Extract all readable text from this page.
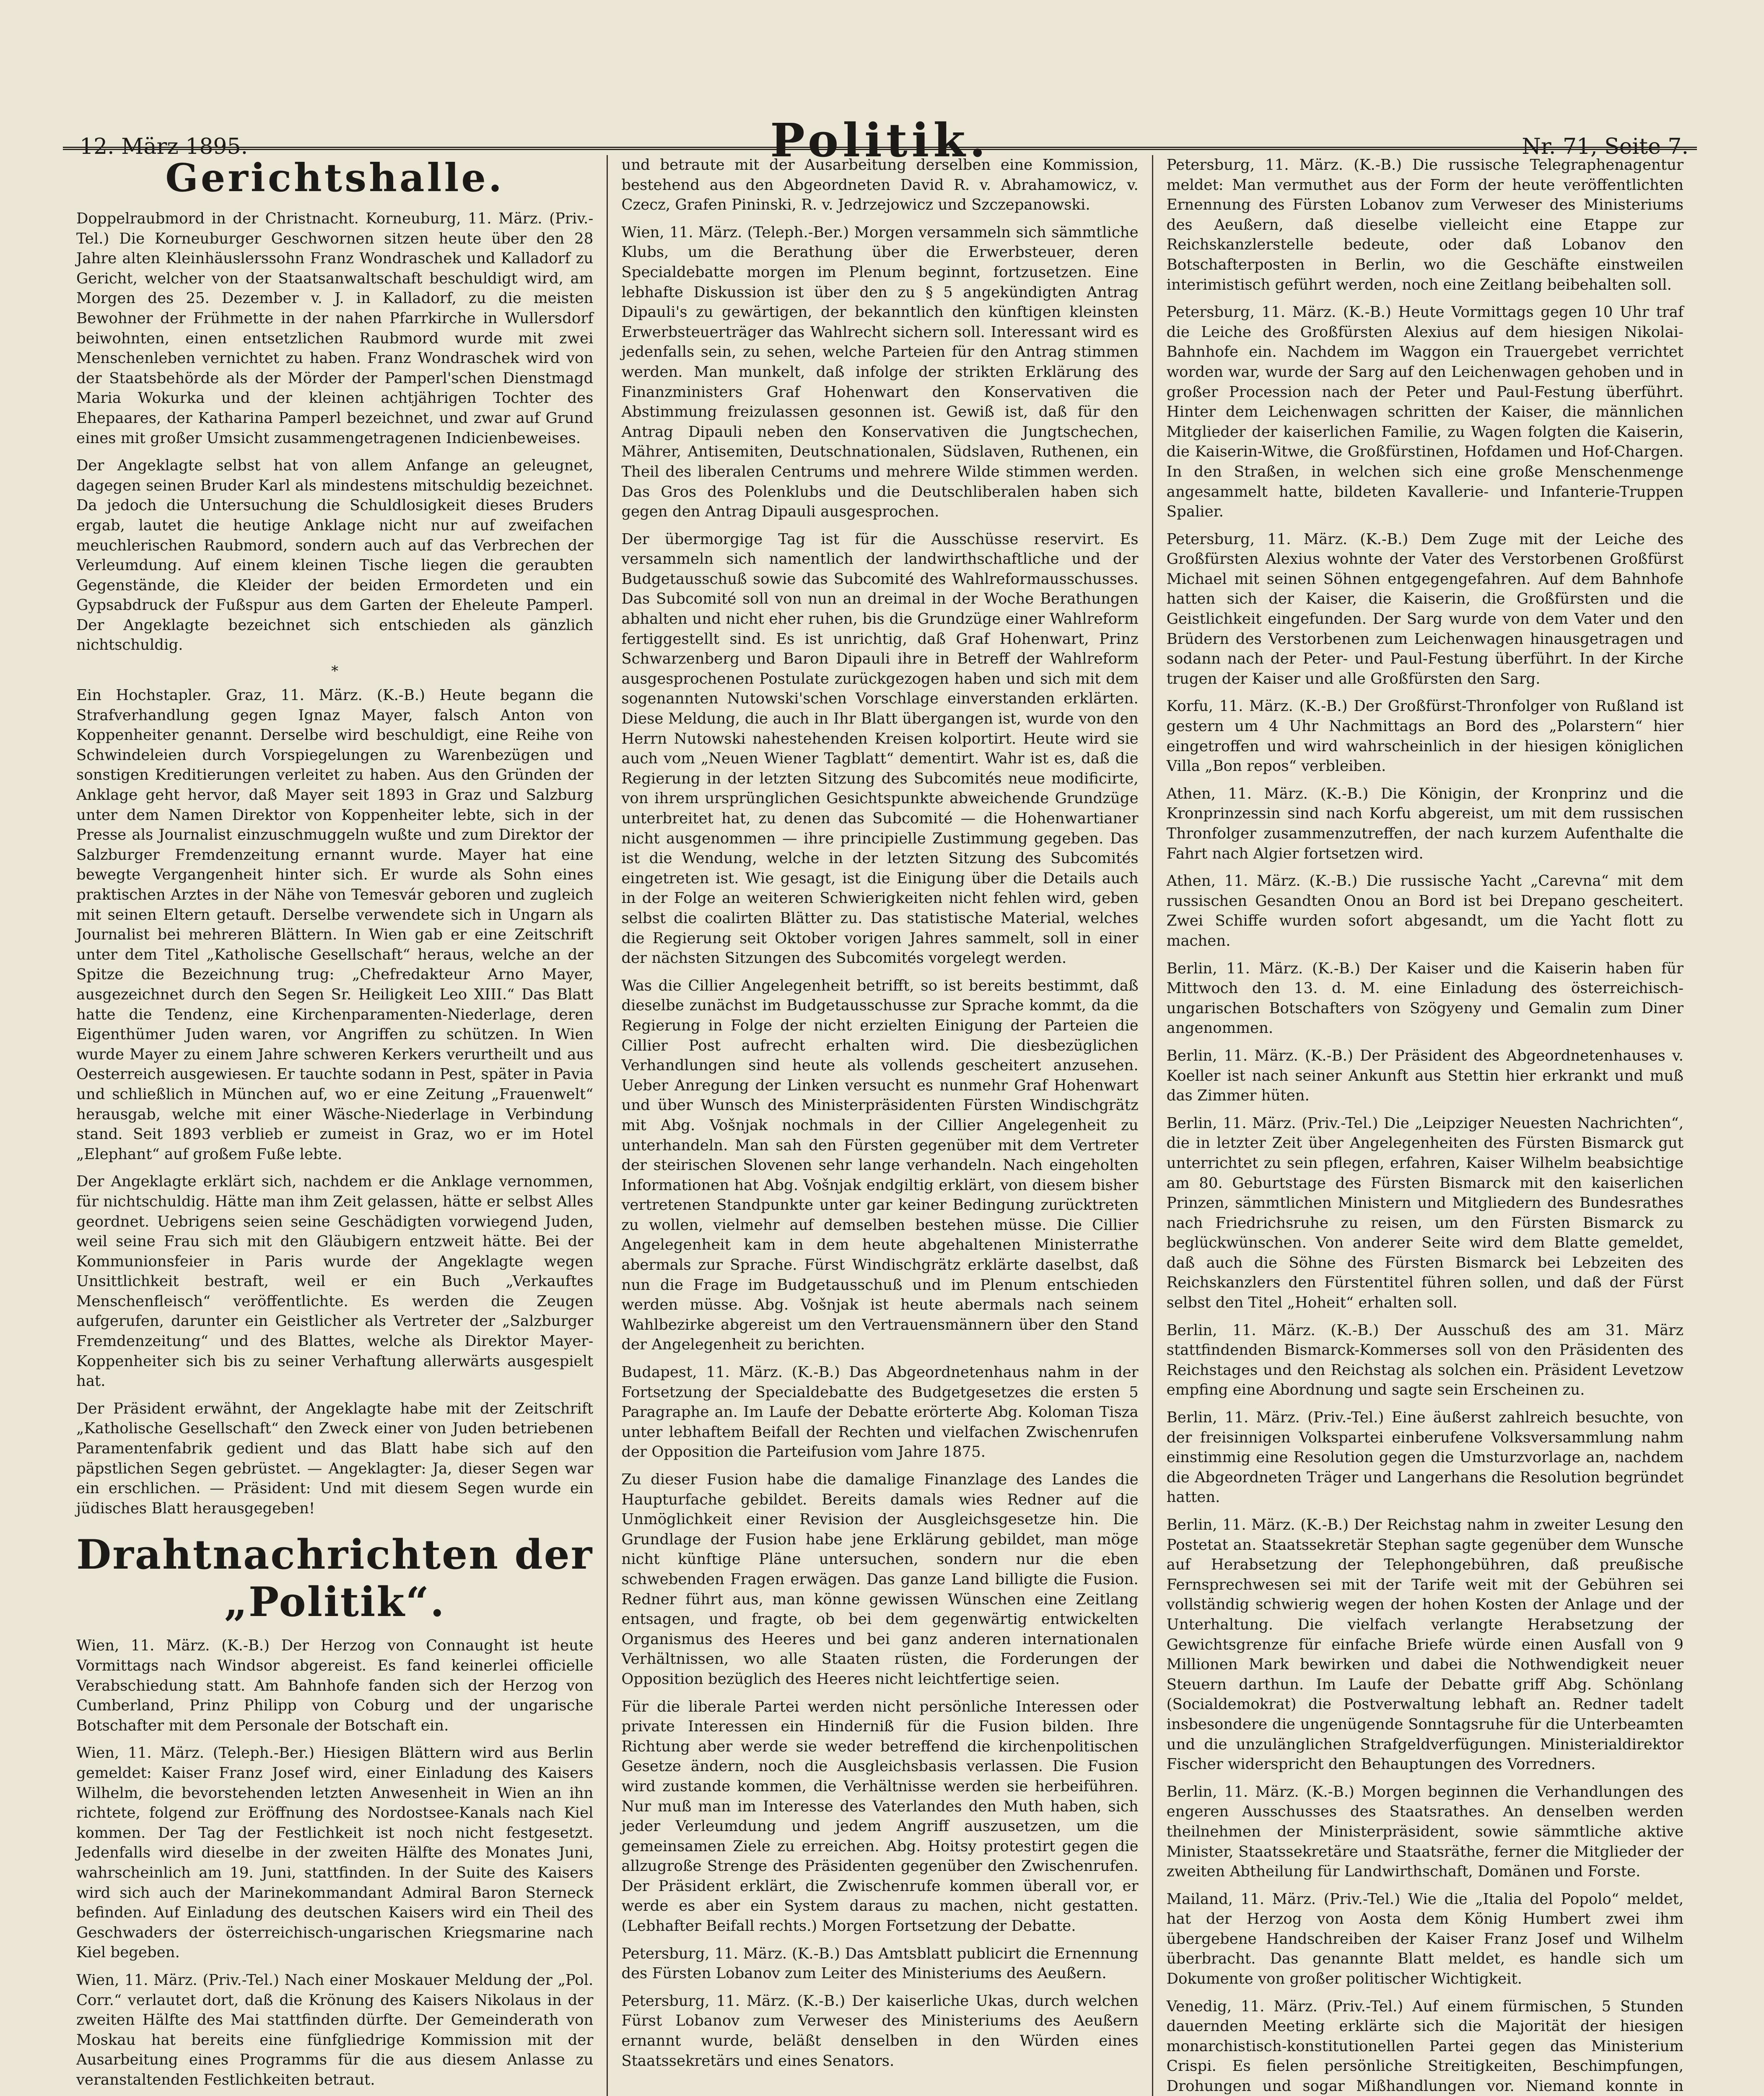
12. März 1895.	Politik.	Nr. 71, Seite 7.
Gerichtshalle.

Doppelraubmord in der Christnacht. Korneuburg, 11. März. (Priv.-Tel.) Die Korneuburger Geschwornen sitzen heute über den 28 Jahre alten Kleinhäuslerssohn Franz Wondraschek und Kalladorf zu Gericht, welcher von der Staatsanwaltschaft beschuldigt wird, am Morgen des 25. Dezember v. J. in Kalladorf, zu die meisten Bewohner der Frühmette in der nahen Pfarrkirche in Wullersdorf beiwohnten, einen entsetzlichen Raubmord wurde mit zwei Menschenleben vernichtet zu haben. Franz Wondraschek wird von der Staatsbehörde als der Mörder der Pamperl'schen Dienstmagd Maria Wokurka und der kleinen achtjährigen Tochter des Ehepaares, der Katharina Pamperl bezeichnet, und zwar auf Grund eines mit großer Umsicht zusammengetragenen Indicienbeweises.

Der Angeklagte selbst hat von allem Anfange an geleugnet, dagegen seinen Bruder Karl als mindestens mitschuldig bezeichnet. Da jedoch die Untersuchung die Schuldlosigkeit dieses Bruders ergab, lautet die heutige Anklage nicht nur auf zweifachen meuchlerischen Raubmord, sondern auch auf das Verbrechen der Verleumdung. Auf einem kleinen Tische liegen die geraubten Gegenstände, die Kleider der beiden Ermordeten und ein Gypsabdruck der Fußspur aus dem Garten der Eheleute Pamperl. Der Angeklagte bezeichnet sich entschieden als gänzlich nichtschuldig.

*

Ein Hochstapler. Graz, 11. März. (K.-B.) Heute begann die Strafverhandlung gegen Ignaz Mayer, falsch Anton von Koppenheiter genannt. Derselbe wird beschuldigt, eine Reihe von Schwindeleien durch Vorspiegelungen zu Warenbezügen und sonstigen Kreditierungen verleitet zu haben. Aus den Gründen der Anklage geht hervor, daß Mayer seit 1893 in Graz und Salzburg unter dem Namen Direktor von Koppenheiter lebte, sich in der Presse als Journalist einzuschmuggeln wußte und zum Direktor der Salzburger Fremdenzeitung ernannt wurde. Mayer hat eine bewegte Vergangenheit hinter sich. Er wurde als Sohn eines praktischen Arztes in der Nähe von Temesvár geboren und zugleich mit seinen Eltern getauft. Derselbe verwendete sich in Ungarn als Journalist bei mehreren Blättern. In Wien gab er eine Zeitschrift unter dem Titel „Katholische Gesellschaft“ heraus, welche an der Spitze die Bezeichnung trug: „Chefredakteur Arno Mayer, ausgezeichnet durch den Segen Sr. Heiligkeit Leo XIII.“ Das Blatt hatte die Tendenz, eine Kirchenparamenten-Niederlage, deren Eigenthümer Juden waren, vor Angriffen zu schützen. In Wien wurde Mayer zu einem Jahre schweren Kerkers verurtheilt und aus Oesterreich ausgewiesen. Er tauchte sodann in Pest, später in Pavia und schließlich in München auf, wo er eine Zeitung „Frauenwelt“ herausgab, welche mit einer Wäsche-Niederlage in Verbindung stand. Seit 1893 verblieb er zumeist in Graz, wo er im Hotel „Elephant“ auf großem Fuße lebte.

Der Angeklagte erklärt sich, nachdem er die Anklage vernommen, für nichtschuldig. Hätte man ihm Zeit gelassen, hätte er selbst Alles geordnet. Uebrigens seien seine Geschädigten vorwiegend Juden, weil seine Frau sich mit den Gläubigern entzweit hätte. Bei der Kommunionsfeier in Paris wurde der Angeklagte wegen Unsittlichkeit bestraft, weil er ein Buch „Verkauftes Menschenfleisch“ veröffentlichte. Es werden die Zeugen aufgerufen, darunter ein Geistlicher als Vertreter der „Salzburger Fremdenzeitung“ und des Blattes, welche als Direktor Mayer-Koppenheiter sich bis zu seiner Verhaftung allerwärts ausgespielt hat.

Der Präsident erwähnt, der Angeklagte habe mit der Zeitschrift „Katholische Gesellschaft“ den Zweck einer von Juden betriebenen Paramentenfabrik gedient und das Blatt habe sich auf den päpstlichen Segen gebrüstet. — Angeklagter: Ja, dieser Segen war ein erschlichen. — Präsident: Und mit diesem Segen wurde ein jüdisches Blatt herausgegeben!

Drahtnachrichten der „Politik“.

Wien, 11. März. (K.-B.) Der Herzog von Connaught ist heute Vormittags nach Windsor abgereist. Es fand keinerlei officielle Verabschiedung statt. Am Bahnhofe fanden sich der Herzog von Cumberland, Prinz Philipp von Coburg und der ungarische Botschafter mit dem Personale der Botschaft ein.

Wien, 11. März. (Teleph.-Ber.) Hiesigen Blättern wird aus Berlin gemeldet: Kaiser Franz Josef wird, einer Einladung des Kaisers Wilhelm, die bevorstehenden letzten Anwesenheit in Wien an ihn richtete, folgend zur Eröffnung des Nordostsee-Kanals nach Kiel kommen. Der Tag der Festlichkeit ist noch nicht festgesetzt. Jedenfalls wird dieselbe in der zweiten Hälfte des Monates Juni, wahrscheinlich am 19. Juni, stattfinden. In der Suite des Kaisers wird sich auch der Marinekommandant Admiral Baron Sterneck befinden. Auf Einladung des deutschen Kaisers wird ein Theil des Geschwaders der österreichisch-ungarischen Kriegsmarine nach Kiel begeben.

Wien, 11. März. (Priv.-Tel.) Nach einer Moskauer Meldung der „Pol. Corr.“ verlautet dort, daß die Krönung des Kaisers Nikolaus in der zweiten Hälfte des Mai stattfinden dürfte. Der Gemeinderath von Moskau hat bereits eine fünfgliedrige Kommission mit der Ausarbeitung eines Programms für die aus diesem Anlasse zu veranstaltenden Festlichkeiten betraut.

und betraute mit der Ausarbeitung derselben eine Kommission, bestehend aus den Abgeordneten David R. v. Abrahamowicz, v. Czecz, Grafen Pininski, R. v. Jedrzejowicz und Szczepanowski.

Wien, 11. März. (Teleph.-Ber.) Morgen versammeln sich sämmtliche Klubs, um die Berathung über die Erwerbsteuer, deren Specialdebatte morgen im Plenum beginnt, fortzusetzen. Eine lebhafte Diskussion ist über den zu § 5 angekündigten Antrag Dipauli's zu gewärtigen, der bekanntlich den künftigen kleinsten Erwerbsteuerträger das Wahlrecht sichern soll. Interessant wird es jedenfalls sein, zu sehen, welche Parteien für den Antrag stimmen werden. Man munkelt, daß infolge der strikten Erklärung des Finanzministers Graf Hohenwart den Konservativen die Abstimmung freizulassen gesonnen ist. Gewiß ist, daß für den Antrag Dipauli neben den Konservativen die Jungtschechen, Mährer, Antisemiten, Deutschnationalen, Südslaven, Ruthenen, ein Theil des liberalen Centrums und mehrere Wilde stimmen werden. Das Gros des Polenklubs und die Deutschliberalen haben sich gegen den Antrag Dipauli ausgesprochen.

Der übermorgige Tag ist für die Ausschüsse reservirt. Es versammeln sich namentlich der landwirthschaftliche und der Budgetausschuß sowie das Subcomité des Wahlreformausschusses. Das Subcomité soll von nun an dreimal in der Woche Berathungen abhalten und nicht eher ruhen, bis die Grundzüge einer Wahlreform fertiggestellt sind. Es ist unrichtig, daß Graf Hohenwart, Prinz Schwarzenberg und Baron Dipauli ihre in Betreff der Wahlreform ausgesprochenen Postulate zurückgezogen haben und sich mit dem sogenannten Nutowski'schen Vorschlage einverstanden erklärten. Diese Meldung, die auch in Ihr Blatt übergangen ist, wurde von den Herrn Nutowski nahestehenden Kreisen kolportirt. Heute wird sie auch vom „Neuen Wiener Tagblatt“ dementirt. Wahr ist es, daß die Regierung in der letzten Sitzung des Subcomités neue modificirte, von ihrem ursprünglichen Gesichtspunkte abweichende Grundzüge unterbreitet hat, zu denen das Subcomité — die Hohenwartianer nicht ausgenommen — ihre principielle Zustimmung gegeben. Das ist die Wendung, welche in der letzten Sitzung des Subcomités eingetreten ist. Wie gesagt, ist die Einigung über die Details auch in der Folge an weiteren Schwierigkeiten nicht fehlen wird, geben selbst die coalirten Blätter zu. Das statistische Material, welches die Regierung seit Oktober vorigen Jahres sammelt, soll in einer der nächsten Sitzungen des Subcomités vorgelegt werden.

Was die Cillier Angelegenheit betrifft, so ist bereits bestimmt, daß dieselbe zunächst im Budgetausschusse zur Sprache kommt, da die Regierung in Folge der nicht erzielten Einigung der Parteien die Cillier Post aufrecht erhalten wird. Die diesbezüglichen Verhandlungen sind heute als vollends gescheitert anzusehen. Ueber Anregung der Linken versucht es nunmehr Graf Hohenwart und über Wunsch des Ministerpräsidenten Fürsten Windischgrätz mit Abg. Vošnjak nochmals in der Cillier Angelegenheit zu unterhandeln. Man sah den Fürsten gegenüber mit dem Vertreter der steirischen Slovenen sehr lange verhandeln. Nach eingeholten Informationen hat Abg. Vošnjak endgiltig erklärt, von diesem bisher vertretenen Standpunkte unter gar keiner Bedingung zurücktreten zu wollen, vielmehr auf demselben bestehen müsse. Die Cillier Angelegenheit kam in dem heute abgehaltenen Ministerrathe abermals zur Sprache. Fürst Windischgrätz erklärte daselbst, daß nun die Frage im Budgetausschuß und im Plenum entschieden werden müsse. Abg. Vošnjak ist heute abermals nach seinem Wahlbezirke abgereist um den Vertrauensmännern über den Stand der Angelegenheit zu berichten.

Budapest, 11. März. (K.-B.) Das Abgeordnetenhaus nahm in der Fortsetzung der Specialdebatte des Budgetgesetzes die ersten 5 Paragraphe an. Im Laufe der Debatte erörterte Abg. Koloman Tisza unter lebhaftem Beifall der Rechten und vielfachen Zwischenrufen der Opposition die Parteifusion vom Jahre 1875.

Zu dieser Fusion habe die damalige Finanzlage des Landes die Haupturfache gebildet. Bereits damals wies Redner auf die Unmöglichkeit einer Revision der Ausgleichsgesetze hin. Die Grundlage der Fusion habe jene Erklärung gebildet, man möge nicht künftige Pläne untersuchen, sondern nur die eben schwebenden Fragen erwägen. Das ganze Land billigte die Fusion. Redner führt aus, man könne gewissen Wünschen eine Zeitlang entsagen, und fragte, ob bei dem gegenwärtig entwickelten Organismus des Heeres und bei ganz anderen internationalen Verhältnissen, wo alle Staaten rüsten, die Forderungen der Opposition bezüglich des Heeres nicht leichtfertige seien.

Für die liberale Partei werden nicht persönliche Interessen oder private Interessen ein Hinderniß für die Fusion bilden. Ihre Richtung aber werde sie weder betreffend die kirchenpolitischen Gesetze ändern, noch die Ausgleichsbasis verlassen. Die Fusion wird zustande kommen, die Verhältnisse werden sie herbeiführen. Nur muß man im Interesse des Vaterlandes den Muth haben, sich jeder Verleumdung und jedem Angriff auszusetzen, um die gemeinsamen Ziele zu erreichen. Abg. Hoitsy protestirt gegen die allzugroße Strenge des Präsidenten gegenüber den Zwischenrufen. Der Präsident erklärt, die Zwischenrufe kommen überall vor, er werde es aber ein System daraus zu machen, nicht gestatten. (Lebhafter Beifall rechts.) Morgen Fortsetzung der Debatte.

Petersburg, 11. März. (K.-B.) Das Amtsblatt publicirt die Ernennung des Fürsten Lobanov zum Leiter des Ministeriums des Aeußern.

Petersburg, 11. März. (K.-B.) Der kaiserliche Ukas, durch welchen Fürst Lobanov zum Verweser des Ministeriums des Aeußern ernannt wurde, beläßt denselben in den Würden eines Staatssekretärs und eines Senators.

Petersburg, 11. März. (K.-B.) Die russische Telegraphenagentur meldet: Man vermuthet aus der Form der heute veröffentlichten Ernennung des Fürsten Lobanov zum Verweser des Ministeriums des Aeußern, daß dieselbe vielleicht eine Etappe zur Reichskanzlerstelle bedeute, oder daß Lobanov den Botschafterposten in Berlin, wo die Geschäfte einstweilen interimistisch geführt werden, noch eine Zeitlang beibehalten soll.

Petersburg, 11. März. (K.-B.) Heute Vormittags gegen 10 Uhr traf die Leiche des Großfürsten Alexius auf dem hiesigen Nikolai-Bahnhofe ein. Nachdem im Waggon ein Trauergebet verrichtet worden war, wurde der Sarg auf den Leichenwagen gehoben und in großer Procession nach der Peter und Paul-Festung überführt. Hinter dem Leichenwagen schritten der Kaiser, die männlichen Mitglieder der kaiserlichen Familie, zu Wagen folgten die Kaiserin, die Kaiserin-Witwe, die Großfürstinen, Hofdamen und Hof-Chargen. In den Straßen, in welchen sich eine große Menschenmenge angesammelt hatte, bildeten Kavallerie- und Infanterie-Truppen Spalier.

Petersburg, 11. März. (K.-B.) Dem Zuge mit der Leiche des Großfürsten Alexius wohnte der Vater des Verstorbenen Großfürst Michael mit seinen Söhnen entgegengefahren. Auf dem Bahnhofe hatten sich der Kaiser, die Kaiserin, die Großfürsten und die Geistlichkeit eingefunden. Der Sarg wurde von dem Vater und den Brüdern des Verstorbenen zum Leichenwagen hinausgetragen und sodann nach der Peter- und Paul-Festung überführt. In der Kirche trugen der Kaiser und alle Großfürsten den Sarg.

Korfu, 11. März. (K.-B.) Der Großfürst-Thronfolger von Rußland ist gestern um 4 Uhr Nachmittags an Bord des „Polarstern“ hier eingetroffen und wird wahrscheinlich in der hiesigen königlichen Villa „Bon repos“ verbleiben.

Athen, 11. März. (K.-B.) Die Königin, der Kronprinz und die Kronprinzessin sind nach Korfu abgereist, um mit dem russischen Thronfolger zusammenzutreffen, der nach kurzem Aufenthalte die Fahrt nach Algier fortsetzen wird.

Athen, 11. März. (K.-B.) Die russische Yacht „Carevna“ mit dem russischen Gesandten Onou an Bord ist bei Drepano gescheitert. Zwei Schiffe wurden sofort abgesandt, um die Yacht flott zu machen.

Berlin, 11. März. (K.-B.) Der Kaiser und die Kaiserin haben für Mittwoch den 13. d. M. eine Einladung des österreichisch-ungarischen Botschafters von Szögyeny und Gemalin zum Diner angenommen.

Berlin, 11. März. (K.-B.) Der Präsident des Abgeordnetenhauses v. Koeller ist nach seiner Ankunft aus Stettin hier erkrankt und muß das Zimmer hüten.

Berlin, 11. März. (Priv.-Tel.) Die „Leipziger Neuesten Nachrichten“, die in letzter Zeit über Angelegenheiten des Fürsten Bismarck gut unterrichtet zu sein pflegen, erfahren, Kaiser Wilhelm beabsichtige am 80. Geburtstage des Fürsten Bismarck mit den kaiserlichen Prinzen, sämmtlichen Ministern und Mitgliedern des Bundesrathes nach Friedrichsruhe zu reisen, um den Fürsten Bismarck zu beglückwünschen. Von anderer Seite wird dem Blatte gemeldet, daß auch die Söhne des Fürsten Bismarck bei Lebzeiten des Reichskanzlers den Fürstentitel führen sollen, und daß der Fürst selbst den Titel „Hoheit“ erhalten soll.

Berlin, 11. März. (K.-B.) Der Ausschuß des am 31. März stattfindenden Bismarck-Kommerses soll von den Präsidenten des Reichstages und den Reichstag als solchen ein. Präsident Levetzow empfing eine Abordnung und sagte sein Erscheinen zu.

Berlin, 11. März. (Priv.-Tel.) Eine äußerst zahlreich besuchte, von der freisinnigen Volkspartei einberufene Volksversammlung nahm einstimmig eine Resolution gegen die Umsturzvorlage an, nachdem die Abgeordneten Träger und Langerhans die Resolution begründet hatten.

Berlin, 11. März. (K.-B.) Der Reichstag nahm in zweiter Lesung den Postetat an. Staatssekretär Stephan sagte gegenüber dem Wunsche auf Herabsetzung der Telephongebühren, daß preußische Fernsprechwesen sei mit der Tarife weit mit der Gebühren sei vollständig schwierig wegen der hohen Kosten der Anlage und der Unterhaltung. Die vielfach verlangte Herabsetzung der Gewichtsgrenze für einfache Briefe würde einen Ausfall von 9 Millionen Mark bewirken und dabei die Nothwendigkeit neuer Steuern darthun. Im Laufe der Debatte griff Abg. Schönlang (Socialdemokrat) die Postverwaltung lebhaft an. Redner tadelt insbesondere die ungenügende Sonntagsruhe für die Unterbeamten und die unzulänglichen Strafgeldverfügungen. Ministerialdirektor Fischer widerspricht den Behauptungen des Vorredners.

Berlin, 11. März. (K.-B.) Morgen beginnen die Verhandlungen des engeren Ausschusses des Staatsrathes. An denselben werden theilnehmen der Ministerpräsident, sowie sämmtliche aktive Minister, Staatssekretäre und Staatsräthe, ferner die Mitglieder der zweiten Abtheilung für Landwirthschaft, Domänen und Forste.

Mailand, 11. März. (Priv.-Tel.) Wie die „Italia del Popolo“ meldet, hat der Herzog von Aosta dem König Humbert zwei ihm übergebene Handschreiben der Kaiser Franz Josef und Wilhelm überbracht. Das genannte Blatt meldet, es handle sich um Dokumente von großer politischer Wichtigkeit.

Venedig, 11. März. (Priv.-Tel.) Auf einem fürmischen, 5 Stunden dauernden Meeting erklärte sich die Majorität der hiesigen monarchistisch-konstitutionellen Partei gegen das Ministerium Crispi. Es fielen persönliche Streitigkeiten, Beschimpfungen, Drohungen und sogar Mißhandlungen vor. Niemand konnte in
